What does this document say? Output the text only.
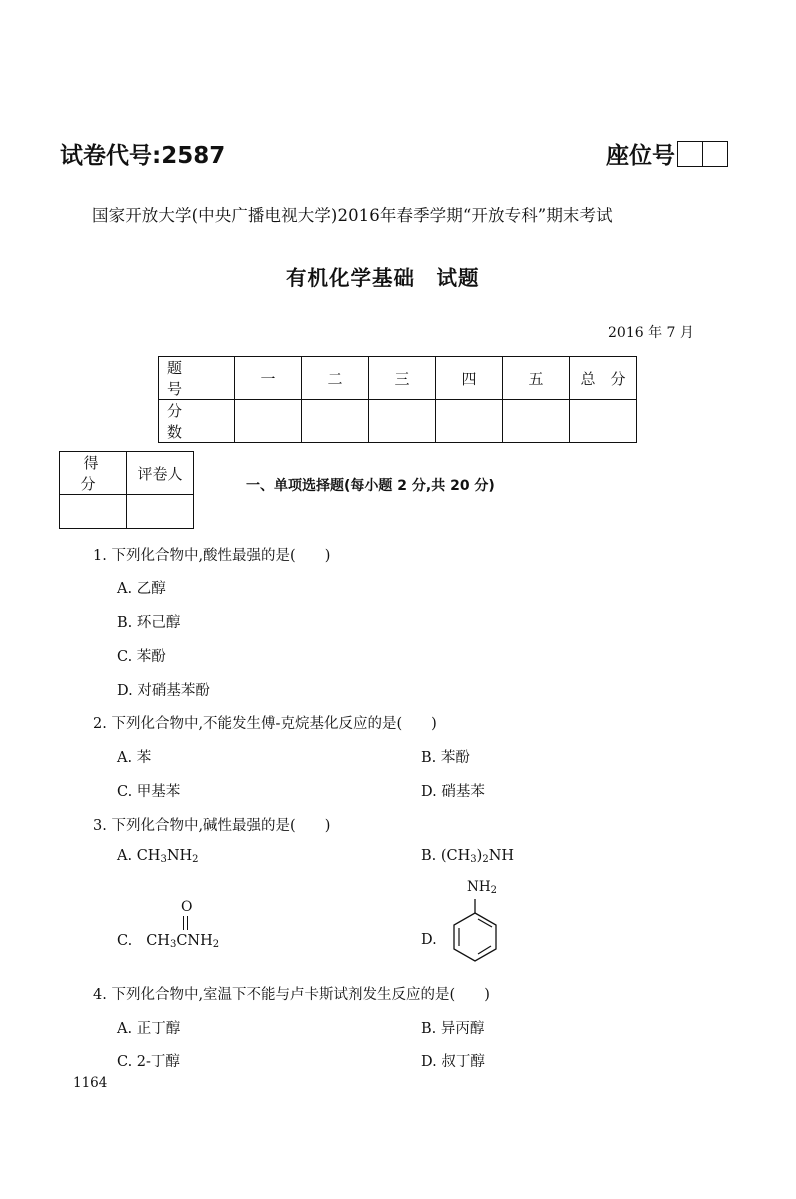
试卷代号:2587	座位号
国家开放大学(中央广播电视大学)2016年春季学期“开放专科”期末考试
有机化学基础　试题
2016 年 7 月
题　号	一	二	三	四	五	总　分
分　数						
得　分	评卷人

一、单项选择题(每小题 2 分,共 20 分)
1. 下列化合物中,酸性最强的是(　　)
A. 乙醇
B. 环己醇
C. 苯酚
D. 对硝基苯酚
2. 下列化合物中,不能发生傅-克烷基化反应的是(　　)
A. 苯	B. 苯酚
C. 甲基苯	D. 硝基苯
3. 下列化合物中,碱性最强的是(　　)
A. $CH_3NH_2$	B. $(CH_3)_2NH$
O
C. $CH_3CNH_2$
$NH_2$
D.
4. 下列化合物中,室温下不能与卢卡斯试剂发生反应的是(　　)
A. 正丁醇	B. 异丙醇
C. 2-丁醇	D. 叔丁醇
1164
